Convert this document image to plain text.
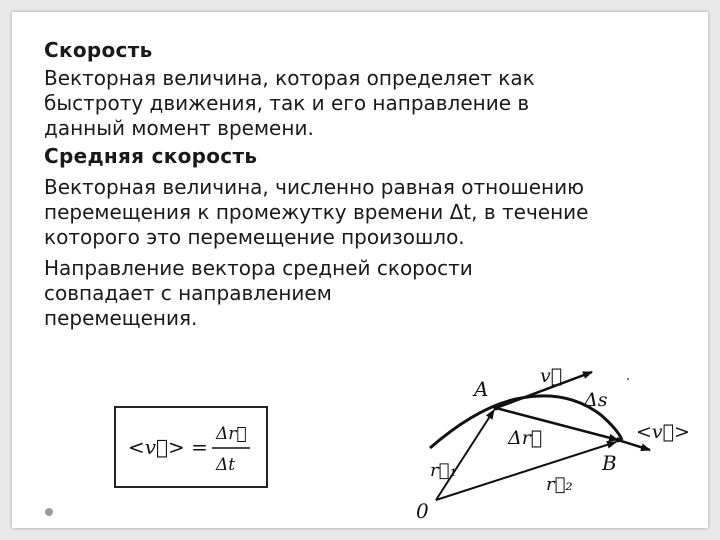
Скорость
Векторная величина, которая определяет как
быстроту движения, так и его направление в
данный момент времени.
Средняя скорость
Векторная величина, численно равная отношению
перемещения к промежутку времени Δt, в течение
которого это перемещение произошло.
Направление вектора средней скорости
совпадает с направлением
перемещения.
<v⃗> =
Δr⃗
Δt
A
B
0
v⃗
Δs
Δr⃗	<v⃗>
r⃗₁
r⃗₂
